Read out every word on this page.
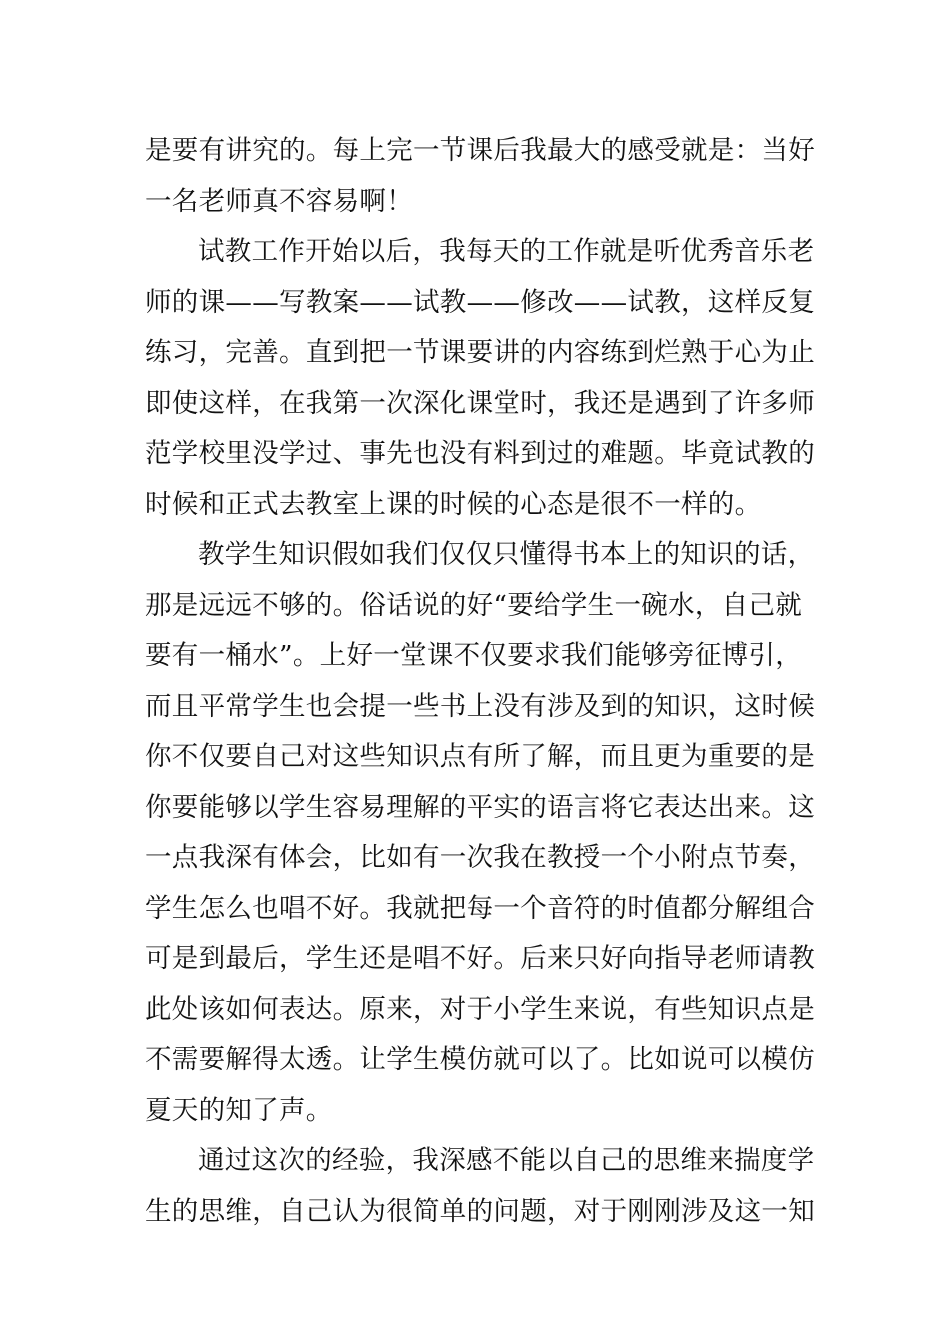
是要有讲究的。每上完一节课后我最大的感受就是：当好
一名老师真不容易啊！
试教工作开始以后，我每天的工作就是听优秀音乐老
师的课——写教案——试教——修改——试教，这样反复
练习，完善。直到把一节课要讲的内容练到烂熟于心为止
即使这样，在我第一次深化课堂时，我还是遇到了许多师
范学校里没学过、事先也没有料到过的难题。毕竟试教的
时候和正式去教室上课的时候的心态是很不一样的。
教学生知识假如我们仅仅只懂得书本上的知识的话，
那是远远不够的。俗话说的好“要给学生一碗水，自己就
要有一桶水”。上好一堂课不仅要求我们能够旁征博引，
而且平常学生也会提一些书上没有涉及到的知识，这时候
你不仅要自己对这些知识点有所了解，而且更为重要的是
你要能够以学生容易理解的平实的语言将它表达出来。这
一点我深有体会，比如有一次我在教授一个小附点节奏，
学生怎么也唱不好。我就把每一个音符的时值都分解组合
可是到最后，学生还是唱不好。后来只好向指导老师请教
此处该如何表达。原来，对于小学生来说，有些知识点是
不需要解得太透。让学生模仿就可以了。比如说可以模仿
夏天的知了声。
通过这次的经验，我深感不能以自己的思维来揣度学
生的思维，自己认为很简单的问题，对于刚刚涉及这一知
